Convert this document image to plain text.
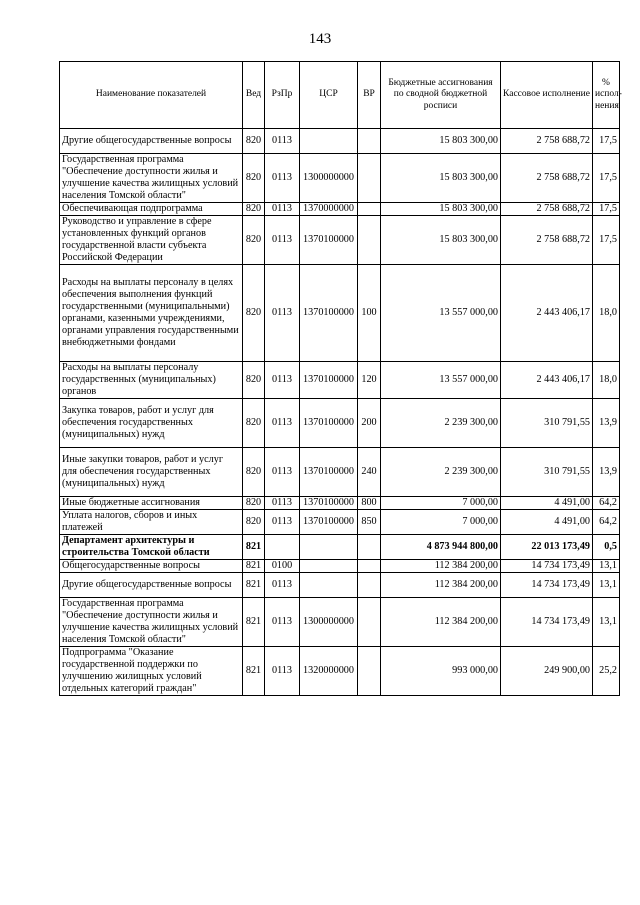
143
Наименование показателей	Вед	РзПр	ЦСР	ВР	Бюджетные ассигнования по сводной бюджетной росписи	Кассовое исполнение	% испол-нения
Другие общегосударственные вопросы	820	0113			15 803 300,00	2 758 688,72	17,5
Государственная программа "Обеспечение доступности жилья и улучшение качества жилищных условий населения Томской области"	820	0113	1300000000		15 803 300,00	2 758 688,72	17,5
Обеспечивающая подпрограмма	820	0113	1370000000		15 803 300,00	2 758 688,72	17,5
Руководство и управление в сфере установленных функций органов государственной власти субъекта Российской Федерации	820	0113	1370100000		15 803 300,00	2 758 688,72	17,5
Расходы на выплаты персоналу в целях обеспечения выполнения функций государственными (муниципальными) органами, казенными учреждениями, органами управления государственными внебюджетными фондами	820	0113	1370100000	100	13 557 000,00	2 443 406,17	18,0
Расходы на выплаты персоналу государственных (муниципальных) органов	820	0113	1370100000	120	13 557 000,00	2 443 406,17	18,0
Закупка товаров, работ и услуг для обеспечения государственных (муниципальных) нужд	820	0113	1370100000	200	2 239 300,00	310 791,55	13,9
Иные закупки товаров, работ и услуг для обеспечения государственных (муниципальных) нужд	820	0113	1370100000	240	2 239 300,00	310 791,55	13,9
Иные бюджетные ассигнования	820	0113	1370100000	800	7 000,00	4 491,00	64,2
Уплата налогов, сборов и иных платежей	820	0113	1370100000	850	7 000,00	4 491,00	64,2
Департамент архитектуры и строительства Томской области	821				4 873 944 800,00	22 013 173,49	0,5
Общегосударственные вопросы	821	0100			112 384 200,00	14 734 173,49	13,1
Другие общегосударственные вопросы	821	0113			112 384 200,00	14 734 173,49	13,1
Государственная программа "Обеспечение доступности жилья и улучшение качества жилищных условий населения Томской области"	821	0113	1300000000		112 384 200,00	14 734 173,49	13,1
Подпрограмма "Оказание государственной поддержки по улучшению жилищных условий отдельных категорий граждан"	821	0113	1320000000		993 000,00	249 900,00	25,2
